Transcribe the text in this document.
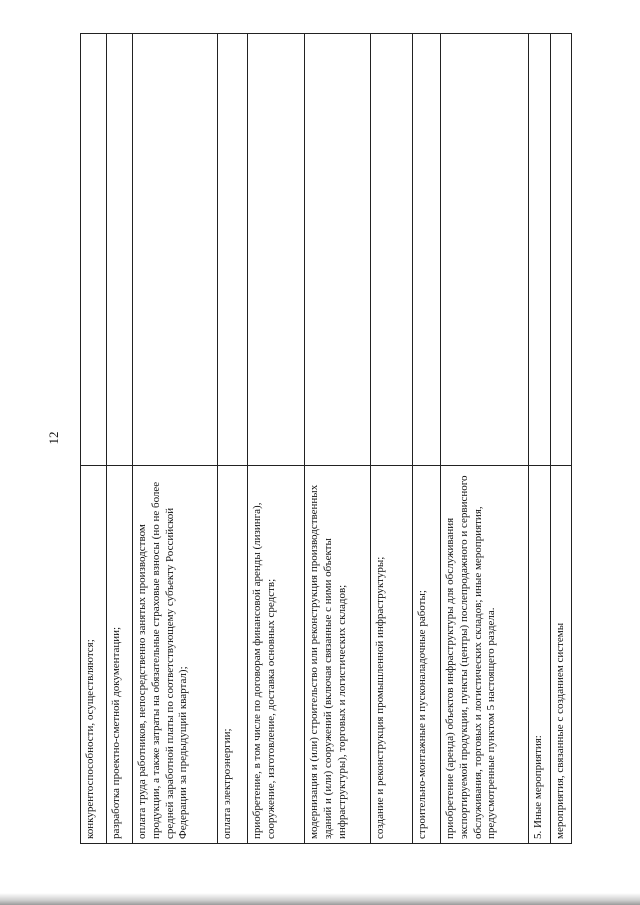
12
конкурентоспособности, осуществляются;	
разработка проектно-сметной документации;	
оплата труда работников, непосредственно занятых производством продукции, а также затраты на обязательные страховые взносы (но не более средней заработной платы по соответствующему субъекту Российской Федерации за предыдущий квартал);	
оплата электроэнергии;	
приобретение, в том числе по договорам финансовой аренды (лизинга), сооружение, изготовление, доставка основных средств;	
модернизация и (или) строительство или реконструкция производственных зданий и (или) сооружений (включая связанные с ними объекты инфраструктуры), торговых и логистических складов;	
создание и реконструкция промышленной инфраструктуры;	
строительно-монтажные и пусконаладочные работы;	
приобретение (аренда) объектов инфраструктуры для обслуживания экспортируемой продукции, пункты (центры) послепродажного и сервисного обслуживания, торговых и логистических складов; иные мероприятия, предусмотренные пунктом 5 настоящего раздела.	
5. Иные мероприятия:	
мероприятия, связанные с созданием системы	
